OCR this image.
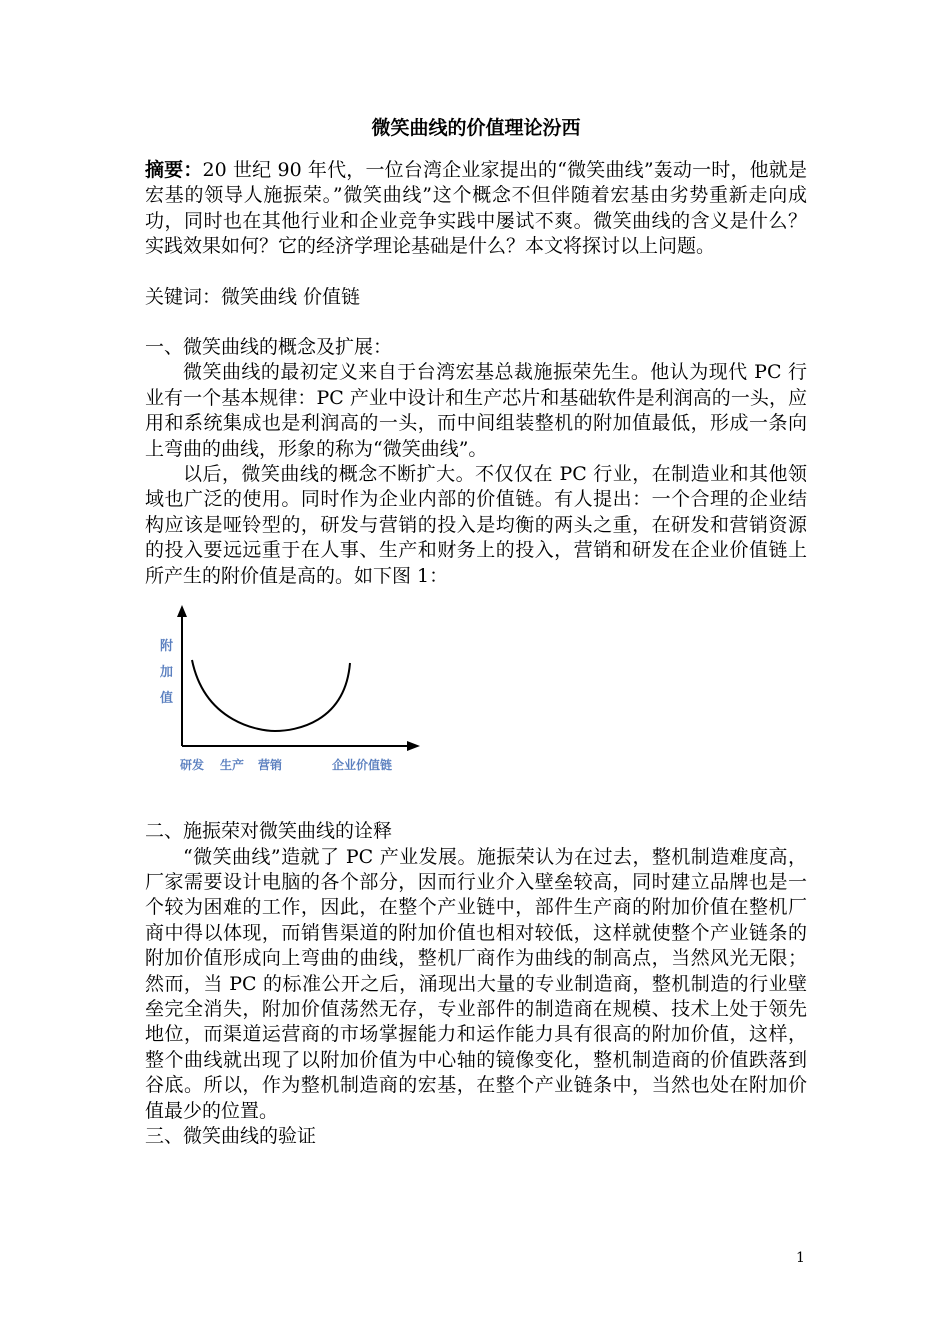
微笑曲线的价值理论汾西

摘要：20 世纪 90 年代，一位台湾企业家提出的“微笑曲线”轰动一时，他就是宏基的领导人施振荣。”微笑曲线”这个概念不但伴随着宏基由劣势重新走向成功，同时也在其他行业和企业竞争实践中屡试不爽。微笑曲线的含义是什么？实践效果如何？它的经济学理论基础是什么？本文将探讨以上问题。

关键词：微笑曲线 价值链

一、微笑曲线的概念及扩展：

微笑曲线的最初定义来自于台湾宏基总裁施振荣先生。他认为现代 PC 行业有一个基本规律：PC 产业中设计和生产芯片和基础软件是利润高的一头，应用和系统集成也是利润高的一头，而中间组装整机的附加值最低，形成一条向上弯曲的曲线，形象的称为“微笑曲线”。

以后，微笑曲线的概念不断扩大。不仅仅在 PC 行业，在制造业和其他领域也广泛的使用。同时作为企业内部的价值链。有人提出：一个合理的企业结构应该是哑铃型的，研发与营销的投入是均衡的两头之重，在研发和营销资源的投入要远远重于在人事、生产和财务上的投入，营销和研发在企业价值链上所产生的附价值是高的。如下图 1：

附
加
值
研发 生产 营销	企业价值链

二、施振荣对微笑曲线的诠释

“微笑曲线”造就了 PC 产业发展。施振荣认为在过去，整机制造难度高，厂家需要设计电脑的各个部分，因而行业介入壁垒较高，同时建立品牌也是一个较为困难的工作，因此，在整个产业链中，部件生产商的附加价值在整机厂商中得以体现，而销售渠道的附加价值也相对较低，这样就使整个产业链条的附加价值形成向上弯曲的曲线，整机厂商作为曲线的制高点，当然风光无限；然而，当 PC 的标准公开之后，涌现出大量的专业制造商，整机制造的行业壁垒完全消失，附加价值荡然无存，专业部件的制造商在规模、技术上处于领先地位，而渠道运营商的市场掌握能力和运作能力具有很高的附加价值，这样，整个曲线就出现了以附加价值为中心轴的镜像变化，整机制造商的价值跌落到谷底。所以，作为整机制造商的宏基，在整个产业链条中，当然也处在附加价值最少的位置。

三、微笑曲线的验证

1
